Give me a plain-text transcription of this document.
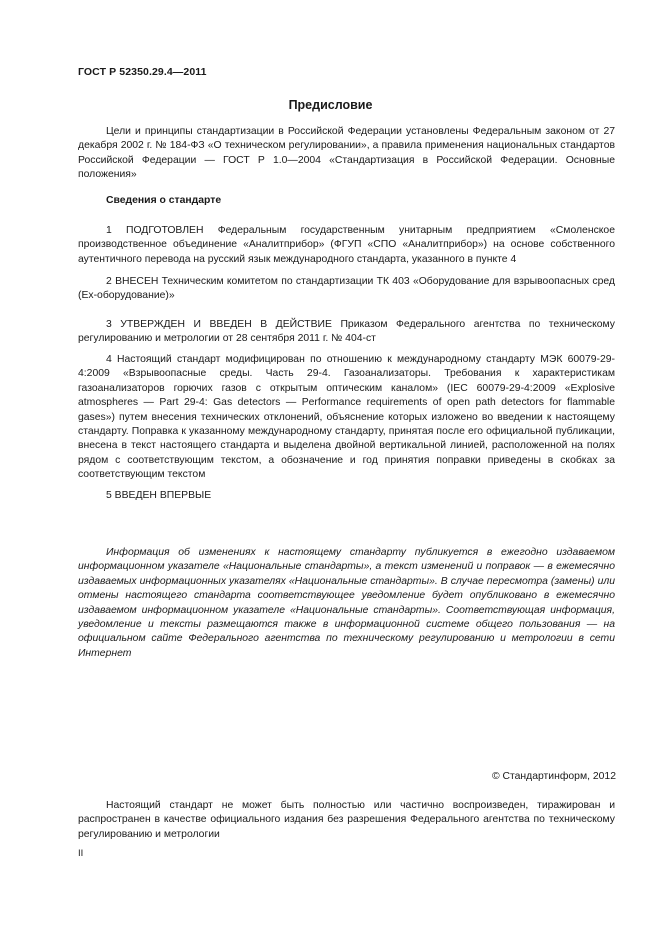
ГОСТ Р 52350.29.4—2011
Предисловие

Цели и принципы стандартизации в Российской Федерации установлены Федеральным законом от 27 декабря 2002 г. № 184-ФЗ «О техническом регулировании», а правила применения национальных стандартов Российской Федерации — ГОСТ Р 1.0—2004 «Стандартизация в Российской Федерации. Основные положения»

Сведения о стандарте

1 ПОДГОТОВЛЕН Федеральным государственным унитарным предприятием «Смоленское производственное объединение «Аналитприбор» (ФГУП «СПО «Аналитприбор») на основе собственного аутентичного перевода на русский язык международного стандарта, указанного в пункте 4

2 ВНЕСЕН Техническим комитетом по стандартизации ТК 403 «Оборудование для взрывоопасных сред (Ех-оборудование)»

3 УТВЕРЖДЕН И ВВЕДЕН В ДЕЙСТВИЕ Приказом Федерального агентства по техническому регулированию и метрологии от 28 сентября 2011 г. № 404-ст

4 Настоящий стандарт модифицирован по отношению к международному стандарту МЭК 60079-29-4:2009 «Взрывоопасные среды. Часть 29-4. Газоанализаторы. Требования к характеристикам газоанализаторов горючих газов с открытым оптическим каналом» (IEC 60079-29-4:2009 «Explosive atmospheres — Part 29-4: Gas detectors — Performance requirements of open path detectors for flammable gases») путем внесения технических отклонений, объяснение которых изложено во введении к настоящему стандарту. Поправка к указанному международному стандарту, принятая после его официальной публикации, внесена в текст настоящего стандарта и выделена двойной вертикальной линией, расположенной на полях рядом с соответствующим текстом, а обозначение и год принятия поправки приведены в скобках за соответствующим текстом

5 ВВЕДЕН ВПЕРВЫЕ

Информация об изменениях к настоящему стандарту публикуется в ежегодно издаваемом информационном указателе «Национальные стандарты», а текст изменений и поправок — в ежемесячно издаваемых информационных указателях «Национальные стандарты». В случае пересмотра (замены) или отмены настоящего стандарта соответствующее уведомление будет опубликовано в ежемесячно издаваемом информационном указателе «Национальные стандарты». Соответствующая информация, уведомление и тексты размещаются также в информационной системе общего пользования — на официальном сайте Федерального агентства по техническому регулированию и метрологии в сети Интернет

© Стандартинформ, 2012

Настоящий стандарт не может быть полностью или частично воспроизведен, тиражирован и распространен в качестве официального издания без разрешения Федерального агентства по техническому регулированию и метрологии

II
